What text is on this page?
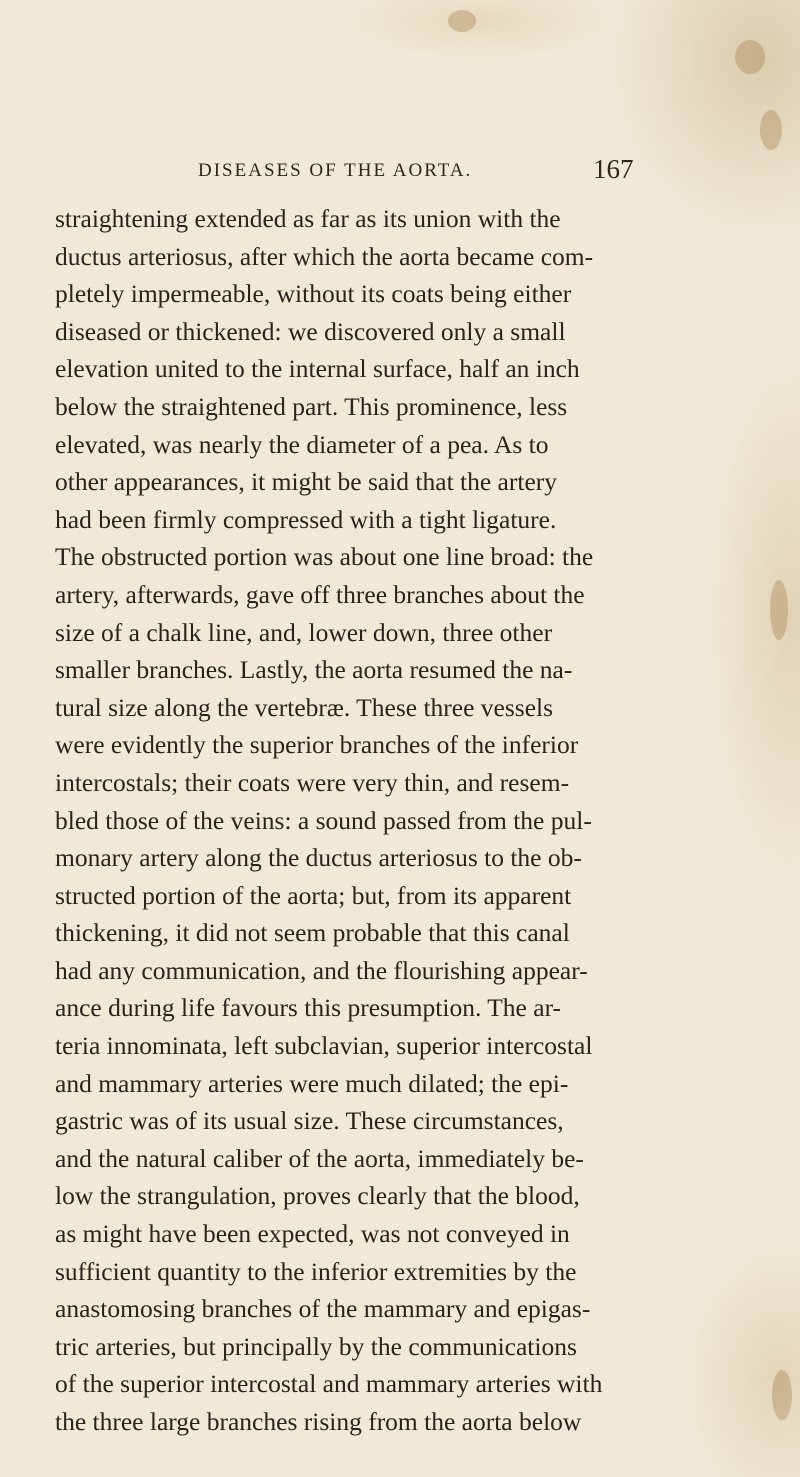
DISEASES OF THE AORTA.	167
straightening extended as far as its union with the
ductus arteriosus, after which the aorta became com-
pletely impermeable, without its coats being either
diseased or thickened: we discovered only a small
elevation united to the internal surface, half an inch
below the straightened part. This prominence, less
elevated, was nearly the diameter of a pea. As to
other appearances, it might be said that the artery
had been firmly compressed with a tight ligature.
The obstructed portion was about one line broad: the
artery, afterwards, gave off three branches about the
size of a chalk line, and, lower down, three other
smaller branches. Lastly, the aorta resumed the na-
tural size along the vertebræ. These three vessels
were evidently the superior branches of the inferior
intercostals; their coats were very thin, and resem-
bled those of the veins: a sound passed from the pul-
monary artery along the ductus arteriosus to the ob-
structed portion of the aorta; but, from its apparent
thickening, it did not seem probable that this canal
had any communication, and the flourishing appear-
ance during life favours this presumption. The ar-
teria innominata, left subclavian, superior intercostal
and mammary arteries were much dilated; the epi-
gastric was of its usual size. These circumstances,
and the natural caliber of the aorta, immediately be-
low the strangulation, proves clearly that the blood,
as might have been expected, was not conveyed in
sufficient quantity to the inferior extremities by the
anastomosing branches of the mammary and epigas-
tric arteries, but principally by the communications
of the superior intercostal and mammary arteries with
the three large branches rising from the aorta below
